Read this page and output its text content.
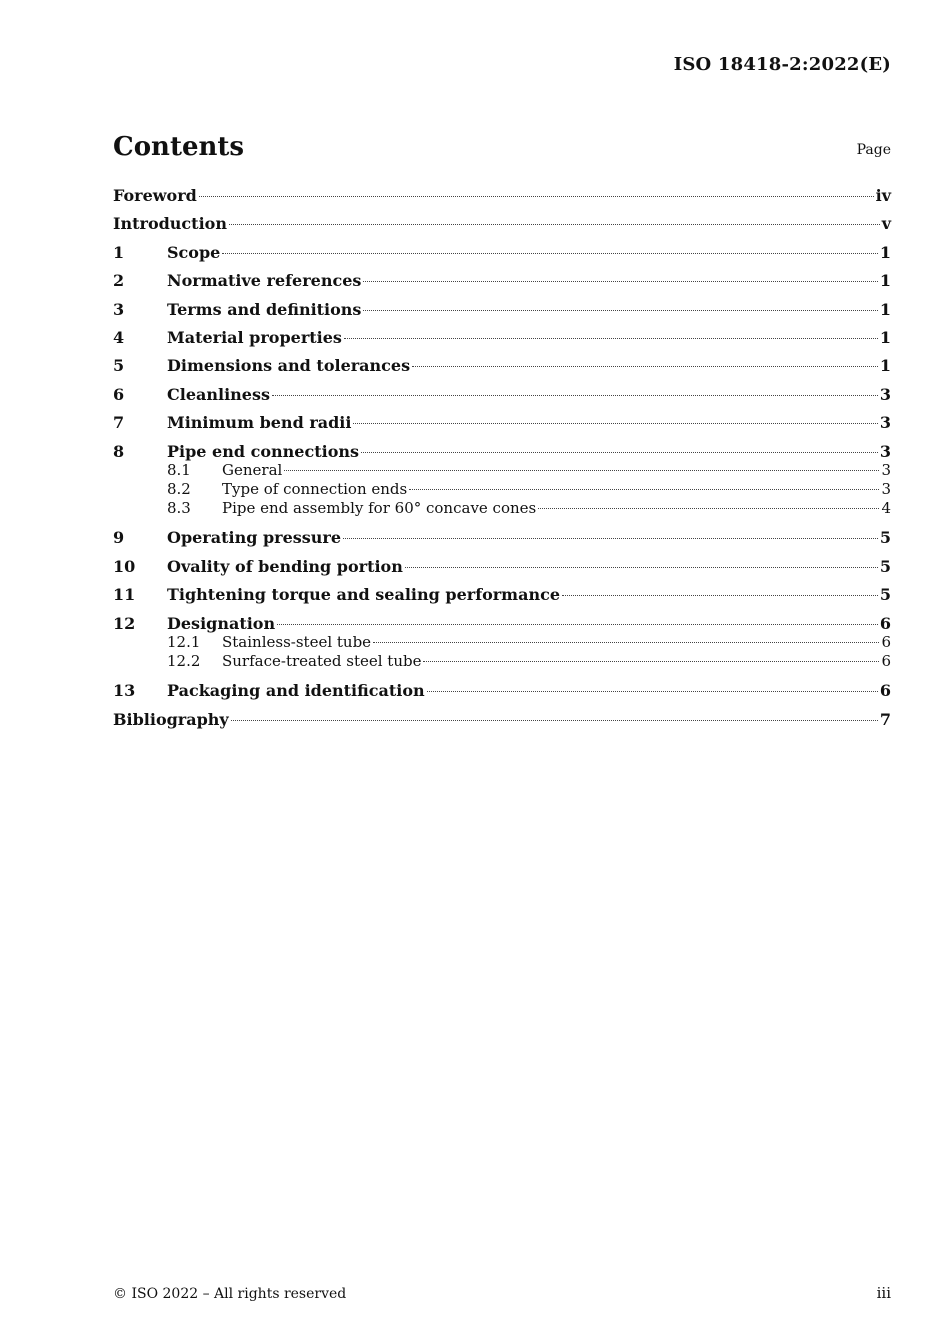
ISO 18418-2:2022(E)
Contents	Page
Foreword	iv
Introduction	v
1	Scope	1
2	Normative references	1
3	Terms and definitions	1
4	Material properties	1
5	Dimensions and tolerances	1
6	Cleanliness	3
7	Minimum bend radii	3
8	Pipe end connections	3
8.1	General	3
8.2	Type of connection ends	3
8.3	Pipe end assembly for 60° concave cones	4
9	Operating pressure	5
10	Ovality of bending portion	5
11	Tightening torque and sealing performance	5
12	Designation	6
12.1	Stainless-steel tube	6
12.2	Surface-treated steel tube	6
13	Packaging and identification	6
Bibliography	7
© ISO 2022 – All rights reserved	iii
